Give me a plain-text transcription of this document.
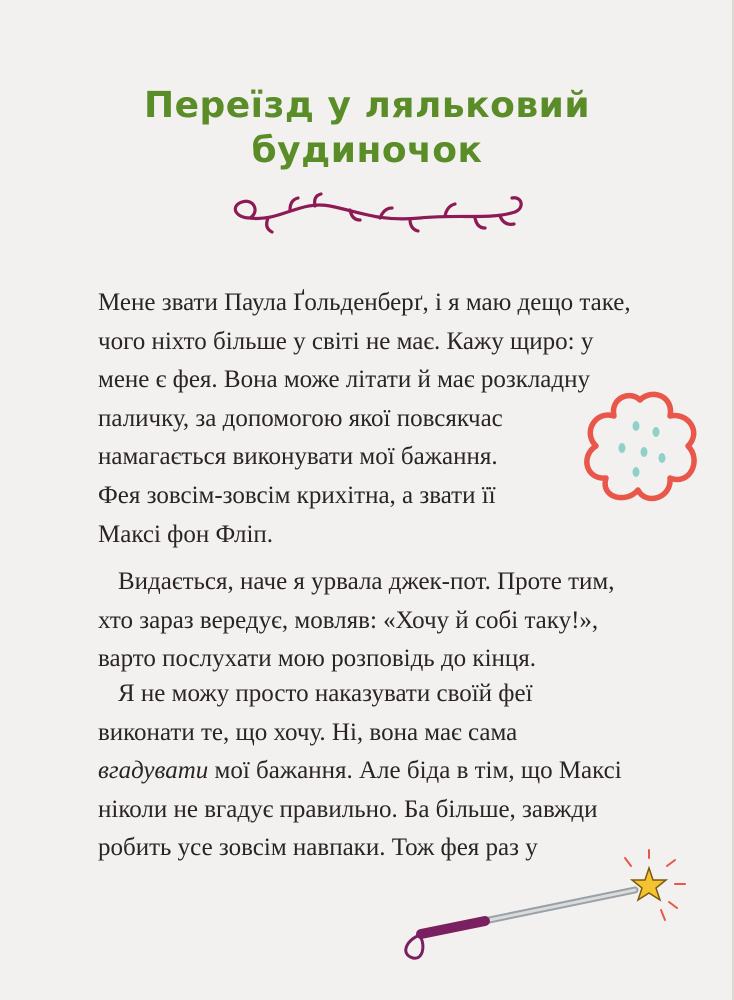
Переїзд у ляльковий
будиночок
Мене звати Паула Ґольденберґ, і я маю дещо таке,
чого ніхто більше у світі не має. Кажу щиро: у
мене є фея. Вона може літати й має розкладну
паличку, за допомогою якої повсякчас
намагається виконувати мої бажання.
Фея зовсім-зовсім крихітна, а звати її
Максі фон Фліп.
Видається, наче я урвала джек-пот. Проте тим,
хто зараз вередує, мовляв: «Хочу й собі таку!»,
варто послухати мою розповідь до кінця.
Я не можу просто наказувати своїй феї
виконати те, що хочу. Ні, вона має сама
вгадувати мої бажання. Але біда в тім, що Максі
ніколи не вгадує правильно. Ба більше, завжди
робить усе зовсім навпаки. Тож фея раз у
